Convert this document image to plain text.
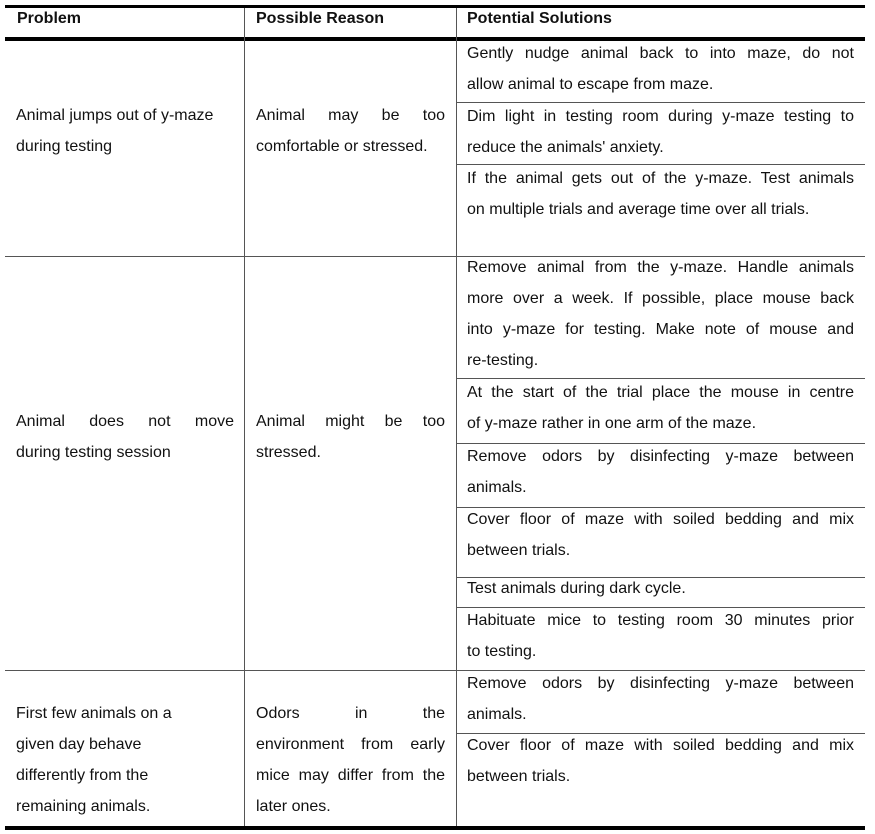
Problem	Possible Reason	Potential Solutions
Animal jumps out of y-maze
during testing
Animal may be too
comfortable or stressed.
Gently nudge animal back to into maze, do not
allow animal to escape from maze.
Dim light in testing room during y-maze testing to
reduce the animals' anxiety.
If the animal gets out of the y-maze. Test animals
on multiple trials and average time over all trials.
Animal does not move
during testing session
Animal might be too
stressed.
Remove animal from the y-maze. Handle animals
more over a week. If possible, place mouse back
into y-maze for testing. Make note of mouse and
re-testing.
At the start of the trial place the mouse in centre
of y-maze rather in one arm of the maze.
Remove odors by disinfecting y-maze between
animals.
Cover floor of maze with soiled bedding and mix
between trials.
Test animals during dark cycle.
Habituate mice to testing room 30 minutes prior
to testing.
First few animals on a
given day behave
differently from the
remaining animals.
Odors in the
environment from early
mice may differ from the
later ones.
Remove odors by disinfecting y-maze between
animals.
Cover floor of maze with soiled bedding and mix
between trials.
